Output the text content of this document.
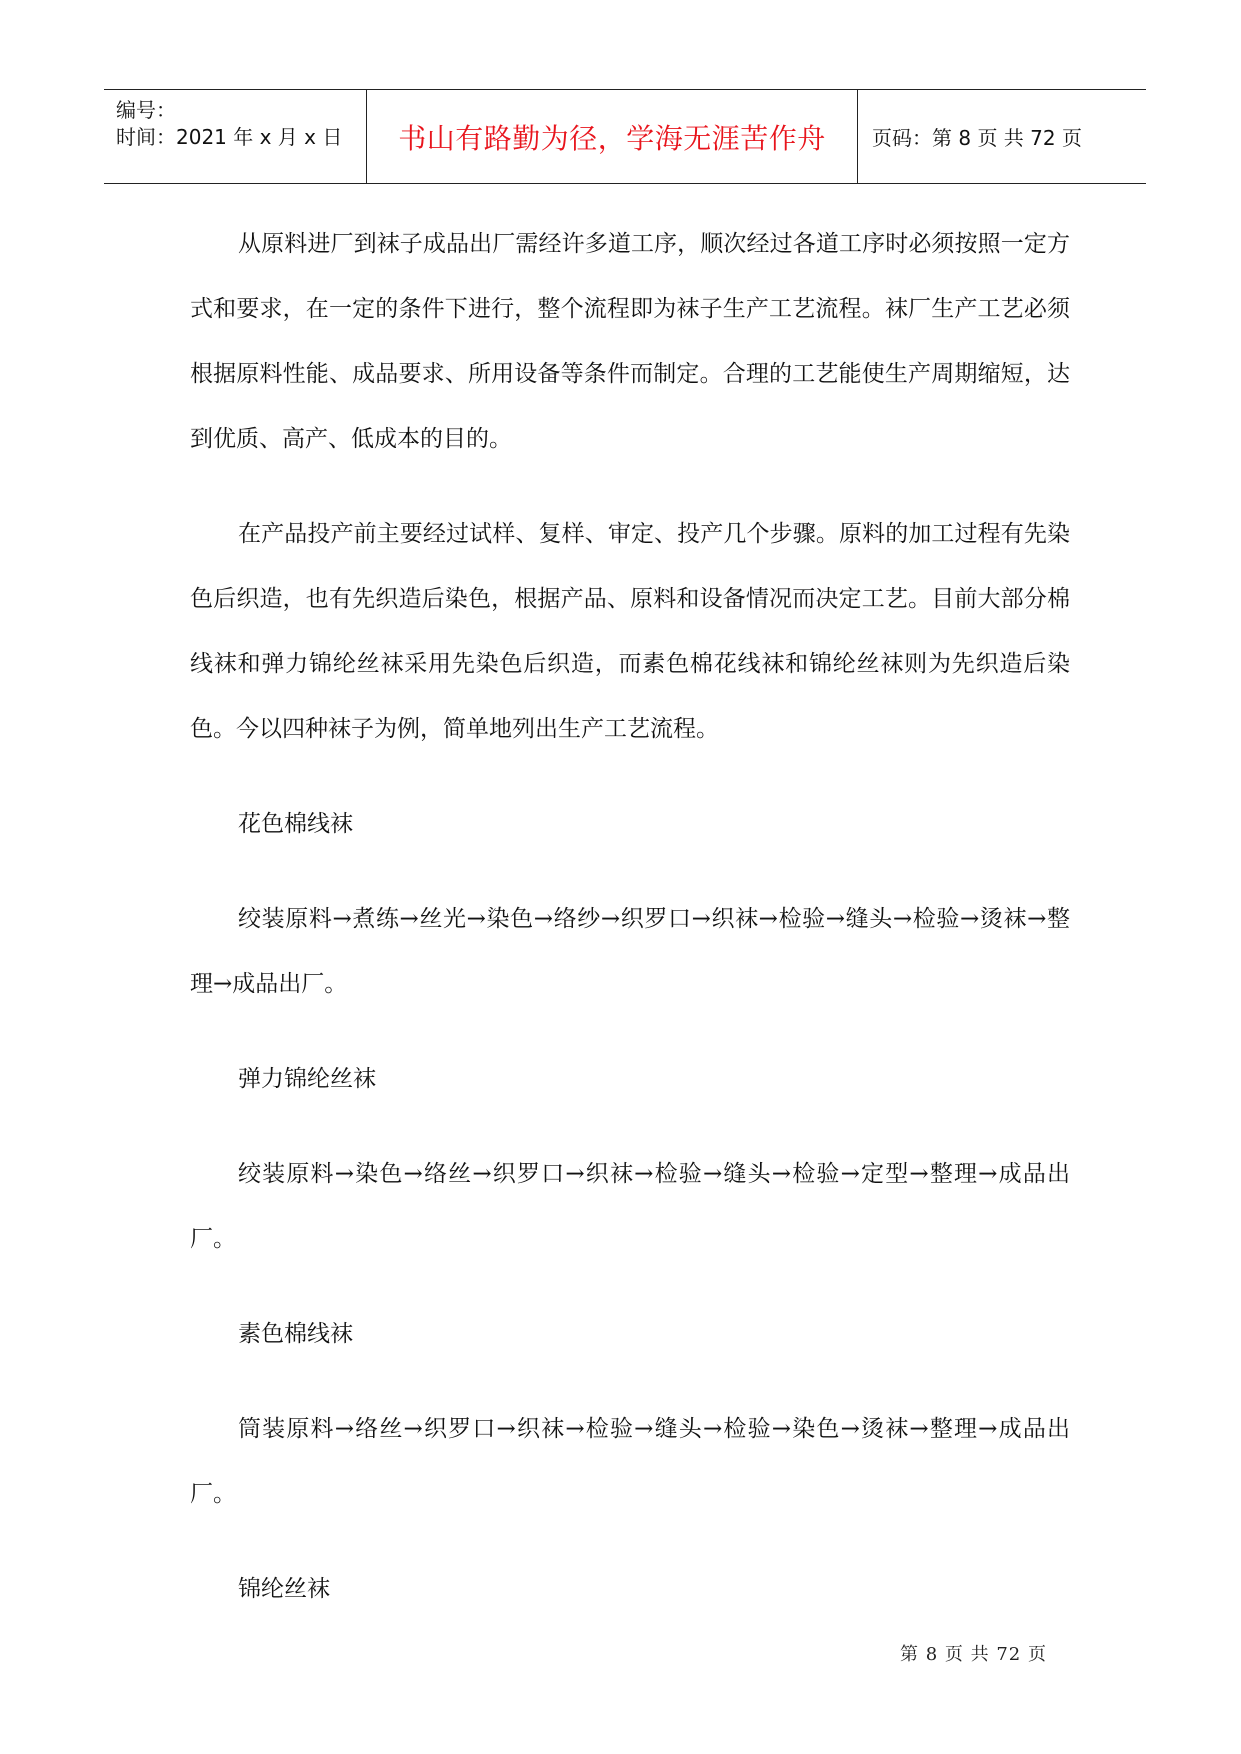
编号：
时间：2021 年 x 月 x 日 书山有路勤为径，学海无涯苦作舟 页码：第 8 页 共 72 页

从原料进厂到袜子成品出厂需经许多道工序，顺次经过各道工序时必须按照一定方式和要求，在一定的条件下进行，整个流程即为袜子生产工艺流程。袜厂生产工艺必须根据原料性能、成品要求、所用设备等条件而制定。合理的工艺能使生产周期缩短，达到优质、高产、低成本的目的。

在产品投产前主要经过试样、复样、审定、投产几个步骤。原料的加工过程有先染色后织造，也有先织造后染色，根据产品、原料和设备情况而决定工艺。目前大部分棉线袜和弹力锦纶丝袜采用先染色后织造，而素色棉花线袜和锦纶丝袜则为先织造后染色。今以四种袜子为例，简单地列出生产工艺流程。

花色棉线袜

绞装原料→煮练→丝光→染色→络纱→织罗口→织袜→检验→缝头→检验→烫袜→整理→成品出厂。

弹力锦纶丝袜

绞装原料→染色→络丝→织罗口→织袜→检验→缝头→检验→定型→整理→成品出厂。

素色棉线袜

筒装原料→络丝→织罗口→织袜→检验→缝头→检验→染色→烫袜→整理→成品出厂。

锦纶丝袜

第 8 页 共 72 页
